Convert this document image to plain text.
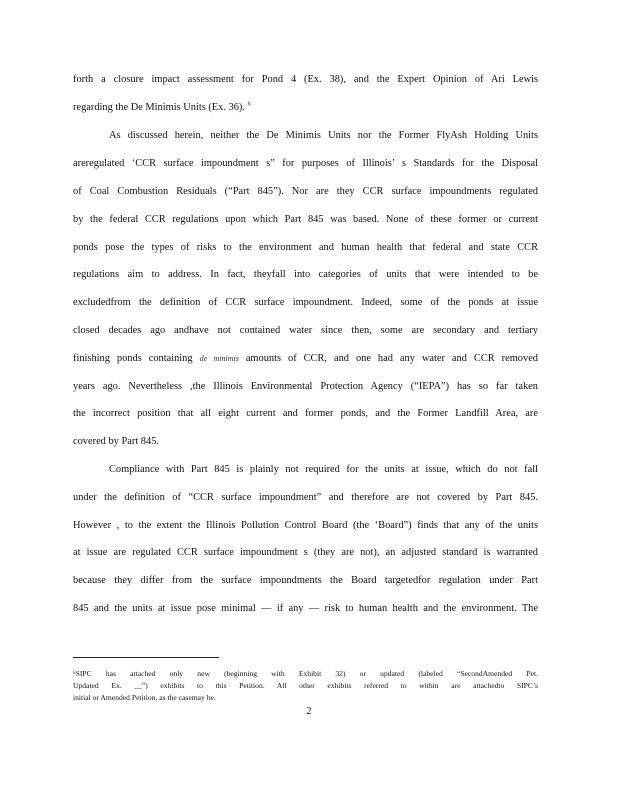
forth a closure impact assessment for Pond 4 (Ex. 38), and the Expert Opinion of Ari Lewis
regarding the De Minimis Units (Ex. 36). $^6$
As discussed herein, neither the De Minimis Units nor the Former FlyAsh Holding Units
areregulated ‘CCR surface impoundment s” for purposes of Illinois’ s Standards for the Disposal
of Coal Combustion Residuals (“Part 845”). Nor are they CCR surface impoundments regulated
by the federal CCR regulations upon which Part 845 was based. None of these former or current
ponds pose the types of risks to the environment and human health that federal and state CCR
regulations aim to address. In fact, theyfall into categories of units that were intended to be
excludedfrom the definition of CCR surface impoundment. Indeed, some of the ponds at issue
closed decades ago andhave not contained water since then, some are secondary and tertiary
finishing ponds containing de minimis amounts of CCR, and one had any water and CCR removed
years ago. Nevertheless ,the Illinois Environmental Protection Agency (“IEPA”) has so far taken
the incorrect position that all eight current and former ponds, and the Former Landfill Area, are
covered by Part 845.
Compliance with Part 845 is plainly not required for the units at issue, which do not fall
under the definition of “CCR surface impoundment” and therefore are not covered by Part 845.
However , to the extent the Illinois Pollution Control Board (the ‘Board”) finds that any of the units
at issue are regulated CCR surface impoundment s (they are not), an adjusted standard is warranted
because they differ from the surface impoundments the Board targetedfor regulation under Part
845 and the units at issue pose minimal — if any — risk to human health and the environment. The
⁶SIPC has attached only new (beginning with Exhibit 32) or updated (labeled “SecondAmended Pet.
Updated Ex. __”) exhibits to this Petition. All other exhibits referred to within are attachedto SIPC’s
initial or Amended Petition, as the casemay be.
2
